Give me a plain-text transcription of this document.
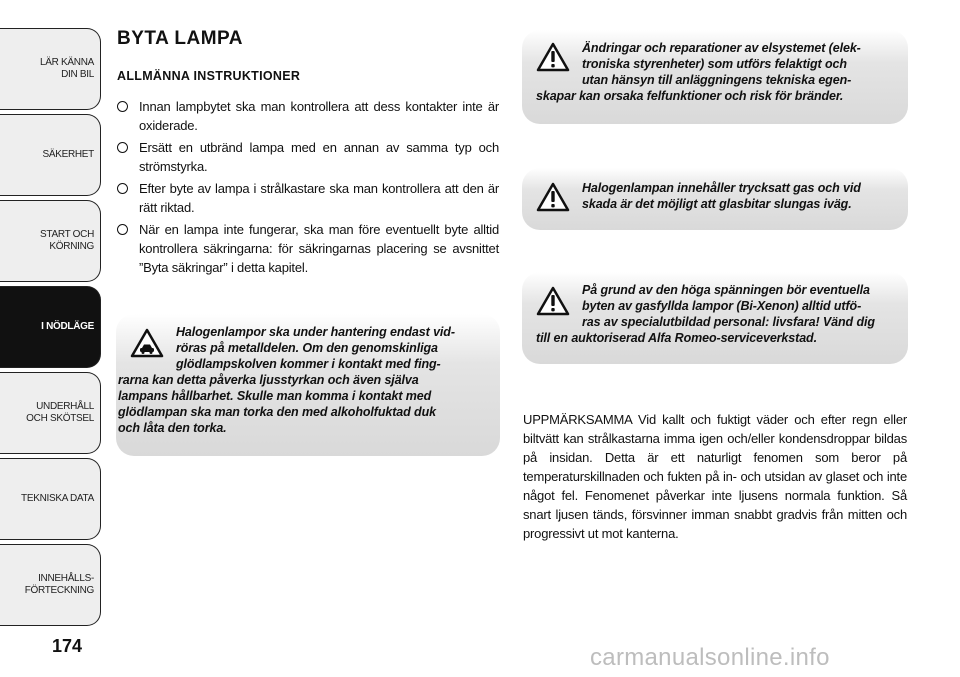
LÄR KÄNNA
DIN BIL
SÄKERHET
START OCH
KÖRNING
I NÖDLÄGE
UNDERHÅLL
OCH SKÖTSEL
TEKNISKA DATA
INNEHÅLLS-
FÖRTECKNING
174
BYTA LAMPA
ALLMÄNNA INSTRUKTIONER
Innan lampbytet ska man kontrollera att dess kontakter inte är oxiderade.
Ersätt en utbränd lampa med en annan av samma typ och strömstyrka.
Efter byte av lampa i strålkastare ska man kontrollera att den är rätt riktad.
När en lampa inte fungerar, ska man före eventuellt byte alltid kontrollera säkringarna: för säkringarnas placering se avsnittet ”Byta säkringar” i detta kapitel.
Halogenlampor ska under hantering endast vid-
röras på metalldelen. Om den genomskinliga
glödlampskolven kommer i kontakt med fing-
rarna kan detta påverka ljusstyrkan och även själva
lampans hållbarhet. Skulle man komma i kontakt med
glödlampan ska man torka den med alkoholfuktad duk
och låta den torka.
Ändringar och reparationer av elsystemet (elek-
troniska styrenheter) som utförs felaktigt och
utan hänsyn till anläggningens tekniska egen-
skapar kan orsaka felfunktioner och risk för bränder.
Halogenlampan innehåller trycksatt gas och vid
skada är det möjligt att glasbitar slungas iväg.
På grund av den höga spänningen bör eventuella
byten av gasfyllda lampor (Bi-Xenon) alltid utfö-
ras av specialutbildad personal: livsfara! Vänd dig
till en auktoriserad Alfa Romeo-serviceverkstad.

UPPMÄRKSAMMA Vid kallt och fuktigt väder och efter regn eller biltvätt kan strålkastarna imma igen och/eller kondensdroppar bildas på insidan. Detta är ett naturligt fenomen som beror på temperaturskillnaden och fukten på in- och utsidan av glaset och inte något fel. Fenomenet påverkar inte ljusens normala funktion. Så snart ljusen tänds, försvinner imman snabbt gradvis från mitten och progressivt ut mot kanterna.

carmanualsonline.info
